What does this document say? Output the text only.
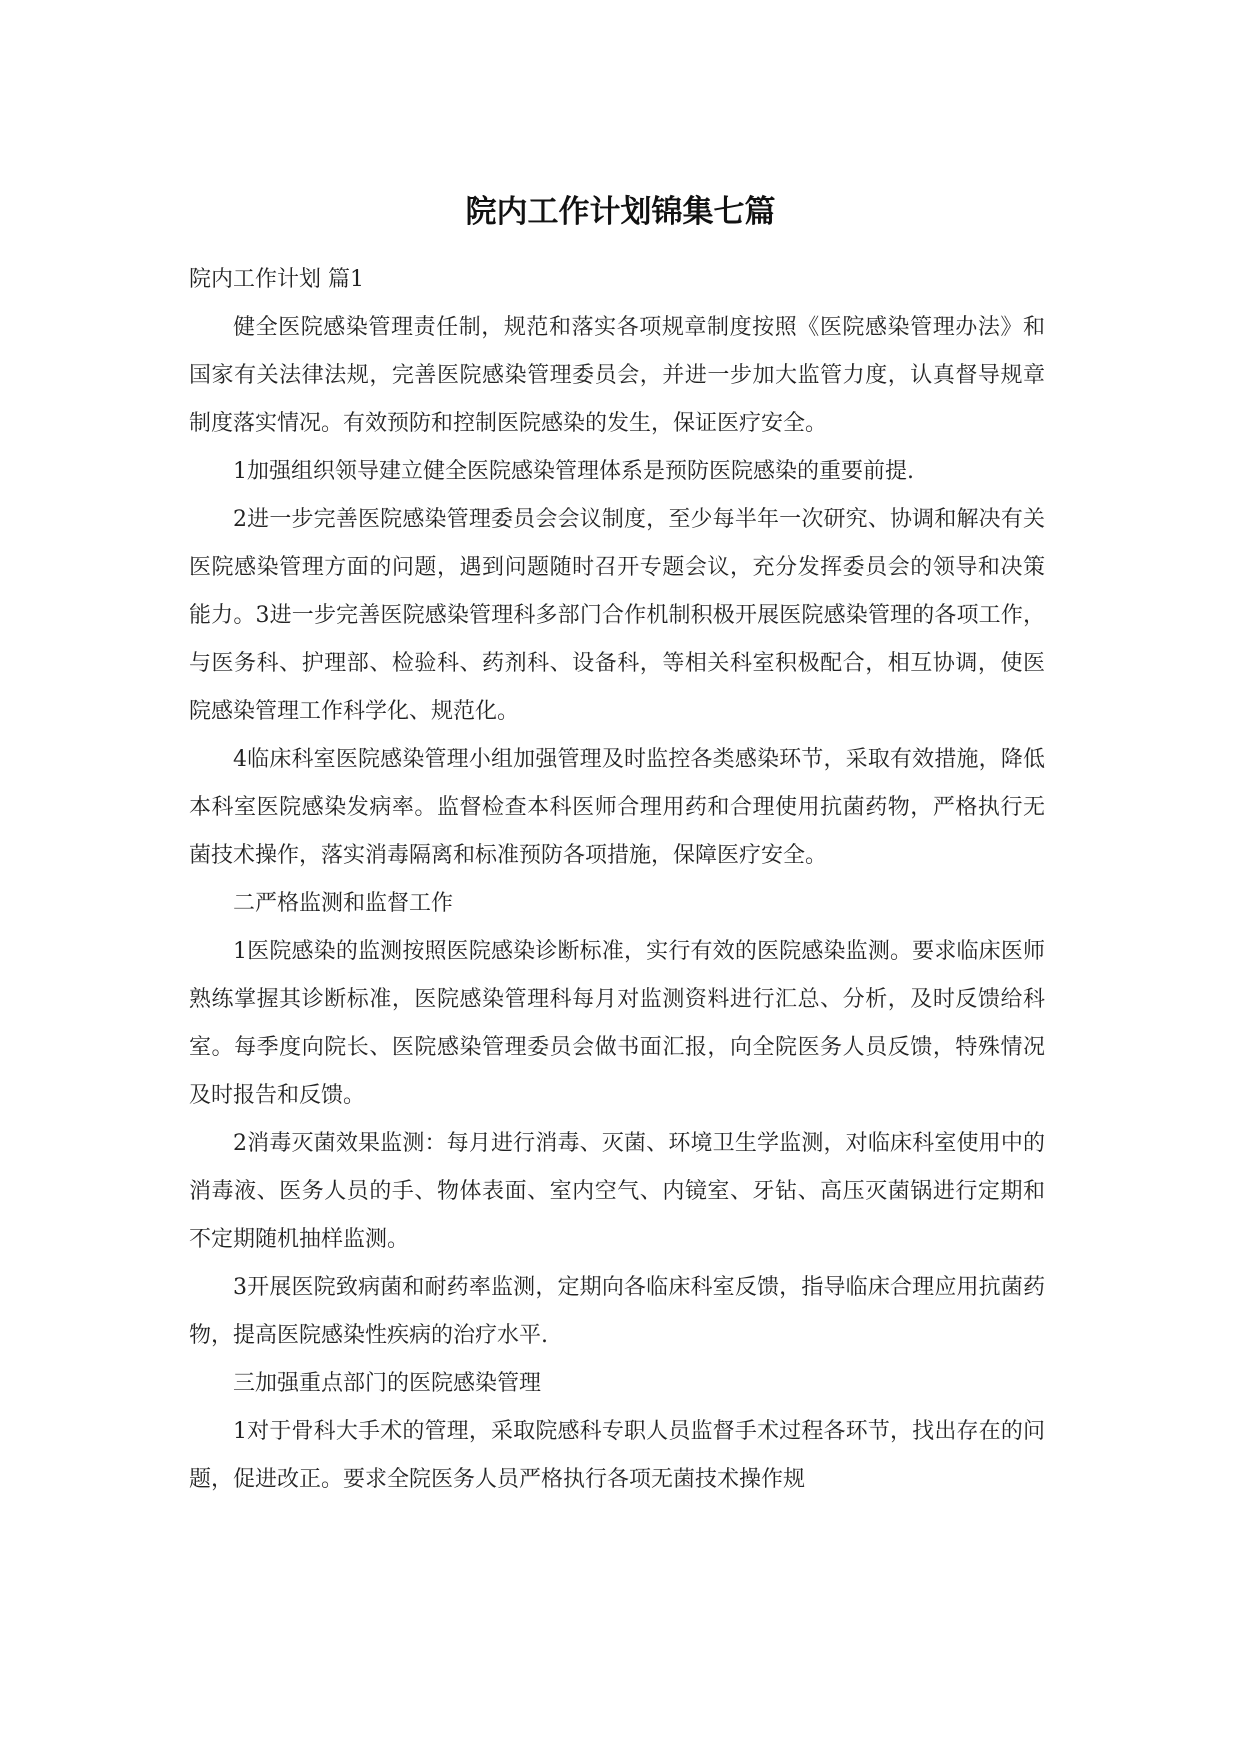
院内工作计划锦集七篇

院内工作计划 篇1

健全医院感染管理责任制，规范和落实各项规章制度按照《医院感染管理办法》和国家有关法律法规，完善医院感染管理委员会，并进一步加大监管力度，认真督导规章制度落实情况。有效预防和控制医院感染的发生，保证医疗安全。

1加强组织领导建立健全医院感染管理体系是预防医院感染的重要前提.

2进一步完善医院感染管理委员会会议制度，至少每半年一次研究、协调和解决有关医院感染管理方面的问题，遇到问题随时召开专题会议，充分发挥委员会的领导和决策能力。3进一步完善医院感染管理科多部门合作机制积极开展医院感染管理的各项工作，与医务科、护理部、检验科、药剂科、设备科，等相关科室积极配合，相互协调，使医院感染管理工作科学化、规范化。

4临床科室医院感染管理小组加强管理及时监控各类感染环节，采取有效措施，降低本科室医院感染发病率。监督检查本科医师合理用药和合理使用抗菌药物，严格执行无菌技术操作，落实消毒隔离和标准预防各项措施，保障医疗安全。

二严格监测和监督工作

1医院感染的监测按照医院感染诊断标准，实行有效的医院感染监测。要求临床医师熟练掌握其诊断标准，医院感染管理科每月对监测资料进行汇总、分析，及时反馈给科室。每季度向院长、医院感染管理委员会做书面汇报，向全院医务人员反馈，特殊情况及时报告和反馈。

2消毒灭菌效果监测：每月进行消毒、灭菌、环境卫生学监测，对临床科室使用中的消毒液、医务人员的手、物体表面、室内空气、内镜室、牙钻、高压灭菌锅进行定期和不定期随机抽样监测。

3开展医院致病菌和耐药率监测，定期向各临床科室反馈，指导临床合理应用抗菌药物，提高医院感染性疾病的治疗水平.

三加强重点部门的医院感染管理

1对于骨科大手术的管理，采取院感科专职人员监督手术过程各环节，找出存在的问题，促进改正。要求全院医务人员严格执行各项无菌技术操作规
